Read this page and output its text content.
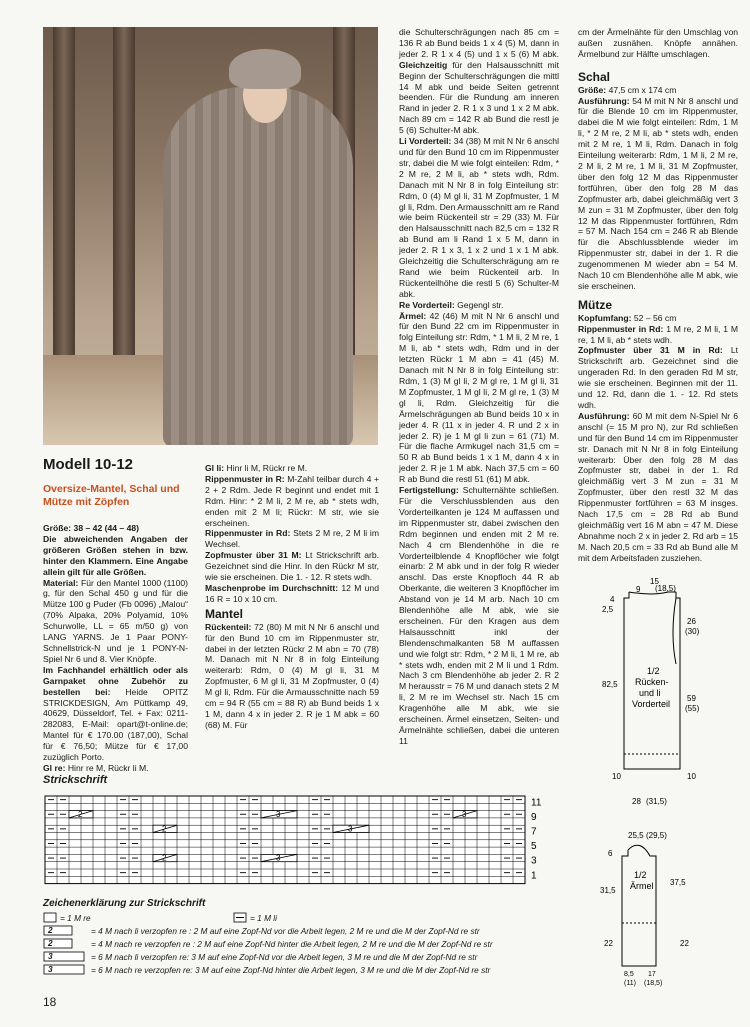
Modell 10-12
Oversize-Mantel, Schal und Mütze mit Zöpfen

Größe: 38 – 42 (44 – 48)

Die abweichenden Angaben der größeren Größen stehen in bzw. hinter den Klammern. Eine Angabe allein gilt für alle Größen.

Material: Für den Mantel 1000 (1100) g, für den Schal 450 g und für die Mütze 100 g Puder (Fb 0096) „Malou“ (70% Alpaka, 20% Polyamid, 10% Schurwolle, LL = 65 m/50 g) von LANG YARNS. Je 1 Paar PONY-Schnellstrick-N und je 1 PONY-N-Spiel Nr 6 und 8. Vier Knöpfe.

Im Fachhandel erhältlich oder als Garnpaket ohne Zubehör zu bestellen bei: Heide OPITZ STRICKDESIGN, Am Püttkamp 49, 40629, Düsseldorf, Tel. + Fax: 0211-282083, E-Mail: opart@t-online.de; Mantel für € 170.00 (187,00), Schal für € 76,50; Mütze für € 17,00 zuzüglich Porto.

Gl re: Hinr re M, Rückr li M.

Gl li: Hinr li M, Rückr re M.

Rippenmuster in R: M-Zahl teilbar durch 4 + 2 + 2 Rdm. Jede R beginnt und endet mit 1 Rdm. Hinr: * 2 M li, 2 M re, ab * stets wdh, enden mit 2 M li; Rückr: M str, wie sie erscheinen.

Rippenmuster in Rd: Stets 2 M re, 2 M li im Wechsel.

Zopfmuster über 31 M: Lt Strickschrift arb. Gezeichnet sind die Hinr. In den Rückr M str, wie sie erscheinen. Die 1. - 12. R stets wdh.

Maschenprobe im Durchschnitt: 12 M und 16 R = 10 x 10 cm.

Mantel

Rückenteil: 72 (80) M mit N Nr 6 anschl und für den Bund 10 cm im Rippenmuster str, dabei in der letzten Rückr 2 M abn = 70 (78) M. Danach mit N Nr 8 in folg Einteilung weiterarb: Rdm, 0 (4) M gl li, 31 M Zopfmuster, 6 M gl li, 31 M Zopfmuster, 0 (4) M gl li, Rdm. Für die Armausschnitte nach 59 cm = 94 R (55 cm = 88 R) ab Bund beids 1 x 1 M, dann 4 x in jeder 2. R je 1 M abk = 60 (68) M. Für

die Schulterschrägungen nach 85 cm = 136 R ab Bund beids 1 x 4 (5) M, dann in jeder 2. R 1 x 4 (5) und 1 x 5 (6) M abk. Gleichzeitig für den Halsausschnitt mit Beginn der Schulterschrägungen die mittl 14 M abk und beide Seiten getrennt beenden. Für die Rundung am inneren Rand in jeder 2. R 1 x 3 und 1 x 2 M abk. Nach 89 cm = 142 R ab Bund die restl je 5 (6) Schulter-M abk.

Li Vorderteil: 34 (38) M mit N Nr 6 anschl und für den Bund 10 cm im Rippenmuster str, dabei die M wie folgt einteilen: Rdm, * 2 M re, 2 M li, ab * stets wdh, Rdm. Danach mit N Nr 8 in folg Einteilung str: Rdm, 0 (4) M gl li, 31 M Zopfmuster, 1 M gl li, Rdm. Den Armausschnitt am re Rand wie beim Rückenteil str = 29 (33) M. Für den Halsausschnitt nach 82,5 cm = 132 R ab Bund am li Rand 1 x 5 M, dann in jeder 2. R 1 x 3, 1 x 2 und 1 x 1 M abk. Gleichzeitig die Schulterschrägung am re Rand wie beim Rückenteil arb. In Rückenteilhöhe die restl 5 (6) Schulter-M abk.

Re Vorderteil: Gegengl str.

Ärmel: 42 (46) M mit N Nr 6 anschl und für den Bund 22 cm im Rippenmuster in folg Einteilung str: Rdm, * 1 M li, 2 M re, 1 M li, ab * stets wdh, Rdm und in der letzten Rückr 1 M abn = 41 (45) M. Danach mit N Nr 8 in folg Einteilung str: Rdm, 1 (3) M gl li, 2 M gl re, 1 M gl li, 31 M Zopfmuster, 1 M gl li, 2 M gl re, 1 (3) M gl li, Rdm. Gleichzeitig für die Ärmelschrägungen ab Bund beids 10 x in jeder 4. R (11 x in jeder 4. R und 2 x in jeder 2. R) je 1 M gl li zun = 61 (71) M. Für die flache Armkugel nach 31,5 cm = 50 R ab Bund beids 1 x 1 M, dann 4 x in jeder 2. R je 1 M abk. Nach 37,5 cm = 60 R ab Bund die restl 51 (61) M abk.

Fertigstellung: Schulternähte schließen. Für die Verschlussblenden aus den Vorderteilkanten je 124 M auffassen und im Rippenmuster str, dabei zwischen den Rdm beginnen und enden mit 2 M re. Nach 4 cm Blendenhöhe in die re Vorderteilblende 4 Knopflöcher wie folgt einarb: 2 M abk und in der folg R wieder anschl. Das erste Knopfloch 44 R ab Oberkante, die weiteren 3 Knopflöcher im Abstand von je 14 M arb. Nach 10 cm Blendenhöhe alle M abk, wie sie erscheinen. Für den Kragen aus dem Halsausschnitt inkl der Blendenschmalkanten 58 M auffassen und wie folgt str: Rdm, * 2 M li, 1 M re, ab * stets wdh, enden mit 2 M li und 1 Rdm. Nach 3 cm Blendenhöhe ab jeder 2. R 2 M herausstr = 76 M und danach stets 2 M li, 2 M re im Wechsel str. Nach 15 cm Kragenhöhe alle M abk, wie sie erscheinen. Ärmel einsetzen, Seiten- und Ärmelnähte schließen, dabei die unteren 11

cm der Ärmelnähte für den Umschlag von außen zusnähen. Knöpfe annähen. Ärmelbund zur Hälfte umschlagen.

Schal

Größe: 47,5 cm x 174 cm

Ausführung: 54 M mit N Nr 8 anschl und für die Blende 10 cm im Rippenmuster, dabei die M wie folgt einteilen: Rdm, 1 M li, * 2 M re, 2 M li, ab * stets wdh, enden mit 2 M re, 1 M li, Rdm. Danach in folg Einteilung weiterarb: Rdm, 1 M li, 2 M re, 2 M li, 2 M re, 1 M li, 31 M Zopfmuster, über den folg 12 M das Rippenmuster fortführen, über den folg 28 M das Zopfmuster arb, dabei gleichmäßig vert 3 M zun = 31 M Zopfmuster, über den folg 12 M das Rippenmuster fortführen, Rdm = 57 M. Nach 154 cm = 246 R ab Blende für die Abschlussblende wieder im Rippenmuster str, dabei in der 1. R die zugenommenen M wieder abn = 54 M. Nach 10 cm Blendenhöhe alle M abk, wie sie erscheinen.

Mütze

Kopfumfang: 52 – 56 cm

Rippenmuster in Rd: 1 M re, 2 M li, 1 M re, 1 M li, ab * stets wdh.

Zopfmuster über 31 M in Rd: Lt Strickschrift arb. Gezeichnet sind die ungeraden Rd. In den geraden Rd M str, wie sie erscheinen. Beginnen mit der 11. und 12. Rd, dann die 1. - 12. Rd stets wdh.

Ausführung: 60 M mit dem N-Spiel Nr 6 anschl (= 15 M pro N), zur Rd schließen und für den Bund 14 cm im Rippenmuster str. Danach mit N Nr 8 in folg Einteilung weiterarb: Über den folg 28 M das Zopfmuster str, dabei in der 1. Rd gleichmäßig vert 3 M zun = 31 M Zopfmuster, über den restl 32 M das Rippenmuster fortführen = 63 M insges. Nach 17,5 cm = 28 Rd ab Bund gleichmäßig vert 16 M abn = 47 M. Diese Abnahme noch 2 x in jeder 2. Rd arb = 15 M. Nach 20,5 cm = 33 Rd ab Bund alle M mit dem Arbeitsfaden zusziehen.

Strickschrift
2
2
3
3
3
2	3
11
9
7
5
3
1
Zeichenerklärung zur Strickschrift
= 1 M re	= 1 M li
2	= 4 M nach li verzopfen re : 2 M auf eine Zopf-Nd vor die Arbeit legen, 2 M re und die M der Zopf-Nd re str
2	= 4 M nach re verzopfen re : 2 M auf eine Zopf-Nd hinter die Arbeit legen, 2 M re und die M der Zopf-Nd re str
3	= 6 M nach li verzopfen re: 3 M auf eine Zopf-Nd vor die Arbeit legen, 3 M re und die M der Zopf-Nd re str
3	= 6 M nach re verzopfen re: 3 M auf eine Zopf-Nd hinter die Arbeit legen, 3 M re und die M der Zopf-Nd re str
15
(18,5)
9
4
2,5
26
(30)
82,5
59
(55)
10	10
28 (31,5)
1/2
Rücken-
und li
Vorderteil
25,5 (29,5)
6
31,5
37,5
22	22
1/2
Ärmel
8,5
(11)
17
(18,5)
18
